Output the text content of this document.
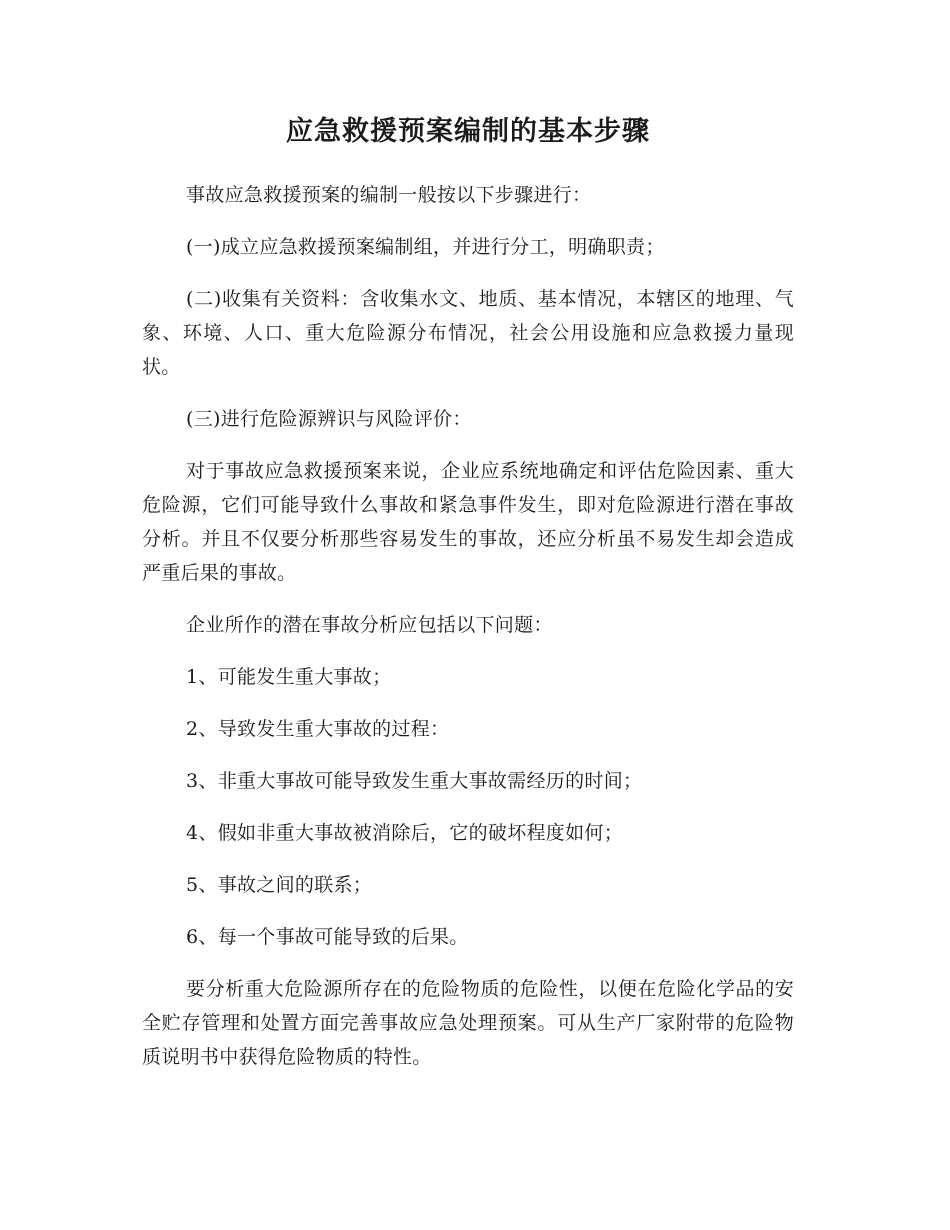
应急救援预案编制的基本步骤

事故应急救援预案的编制一般按以下步骤进行：

(一)成立应急救援预案编制组，并进行分工，明确职责；

(二)收集有关资料：含收集水文、地质、基本情况，本辖区的地理、气象、环境、人口、重大危险源分布情况，社会公用设施和应急救援力量现状。

(三)进行危险源辨识与风险评价：

对于事故应急救援预案来说，企业应系统地确定和评估危险因素、重大危险源，它们可能导致什么事故和紧急事件发生，即对危险源进行潜在事故分析。并且不仅要分析那些容易发生的事故，还应分析虽不易发生却会造成严重后果的事故。

企业所作的潜在事故分析应包括以下问题：

1、可能发生重大事故；

2、导致发生重大事故的过程：

3、非重大事故可能导致发生重大事故需经历的时间；

4、假如非重大事故被消除后，它的破坏程度如何；

5、事故之间的联系；

6、每一个事故可能导致的后果。

要分析重大危险源所存在的危险物质的危险性，以便在危险化学品的安全贮存管理和处置方面完善事故应急处理预案。可从生产厂家附带的危险物质说明书中获得危险物质的特性。
